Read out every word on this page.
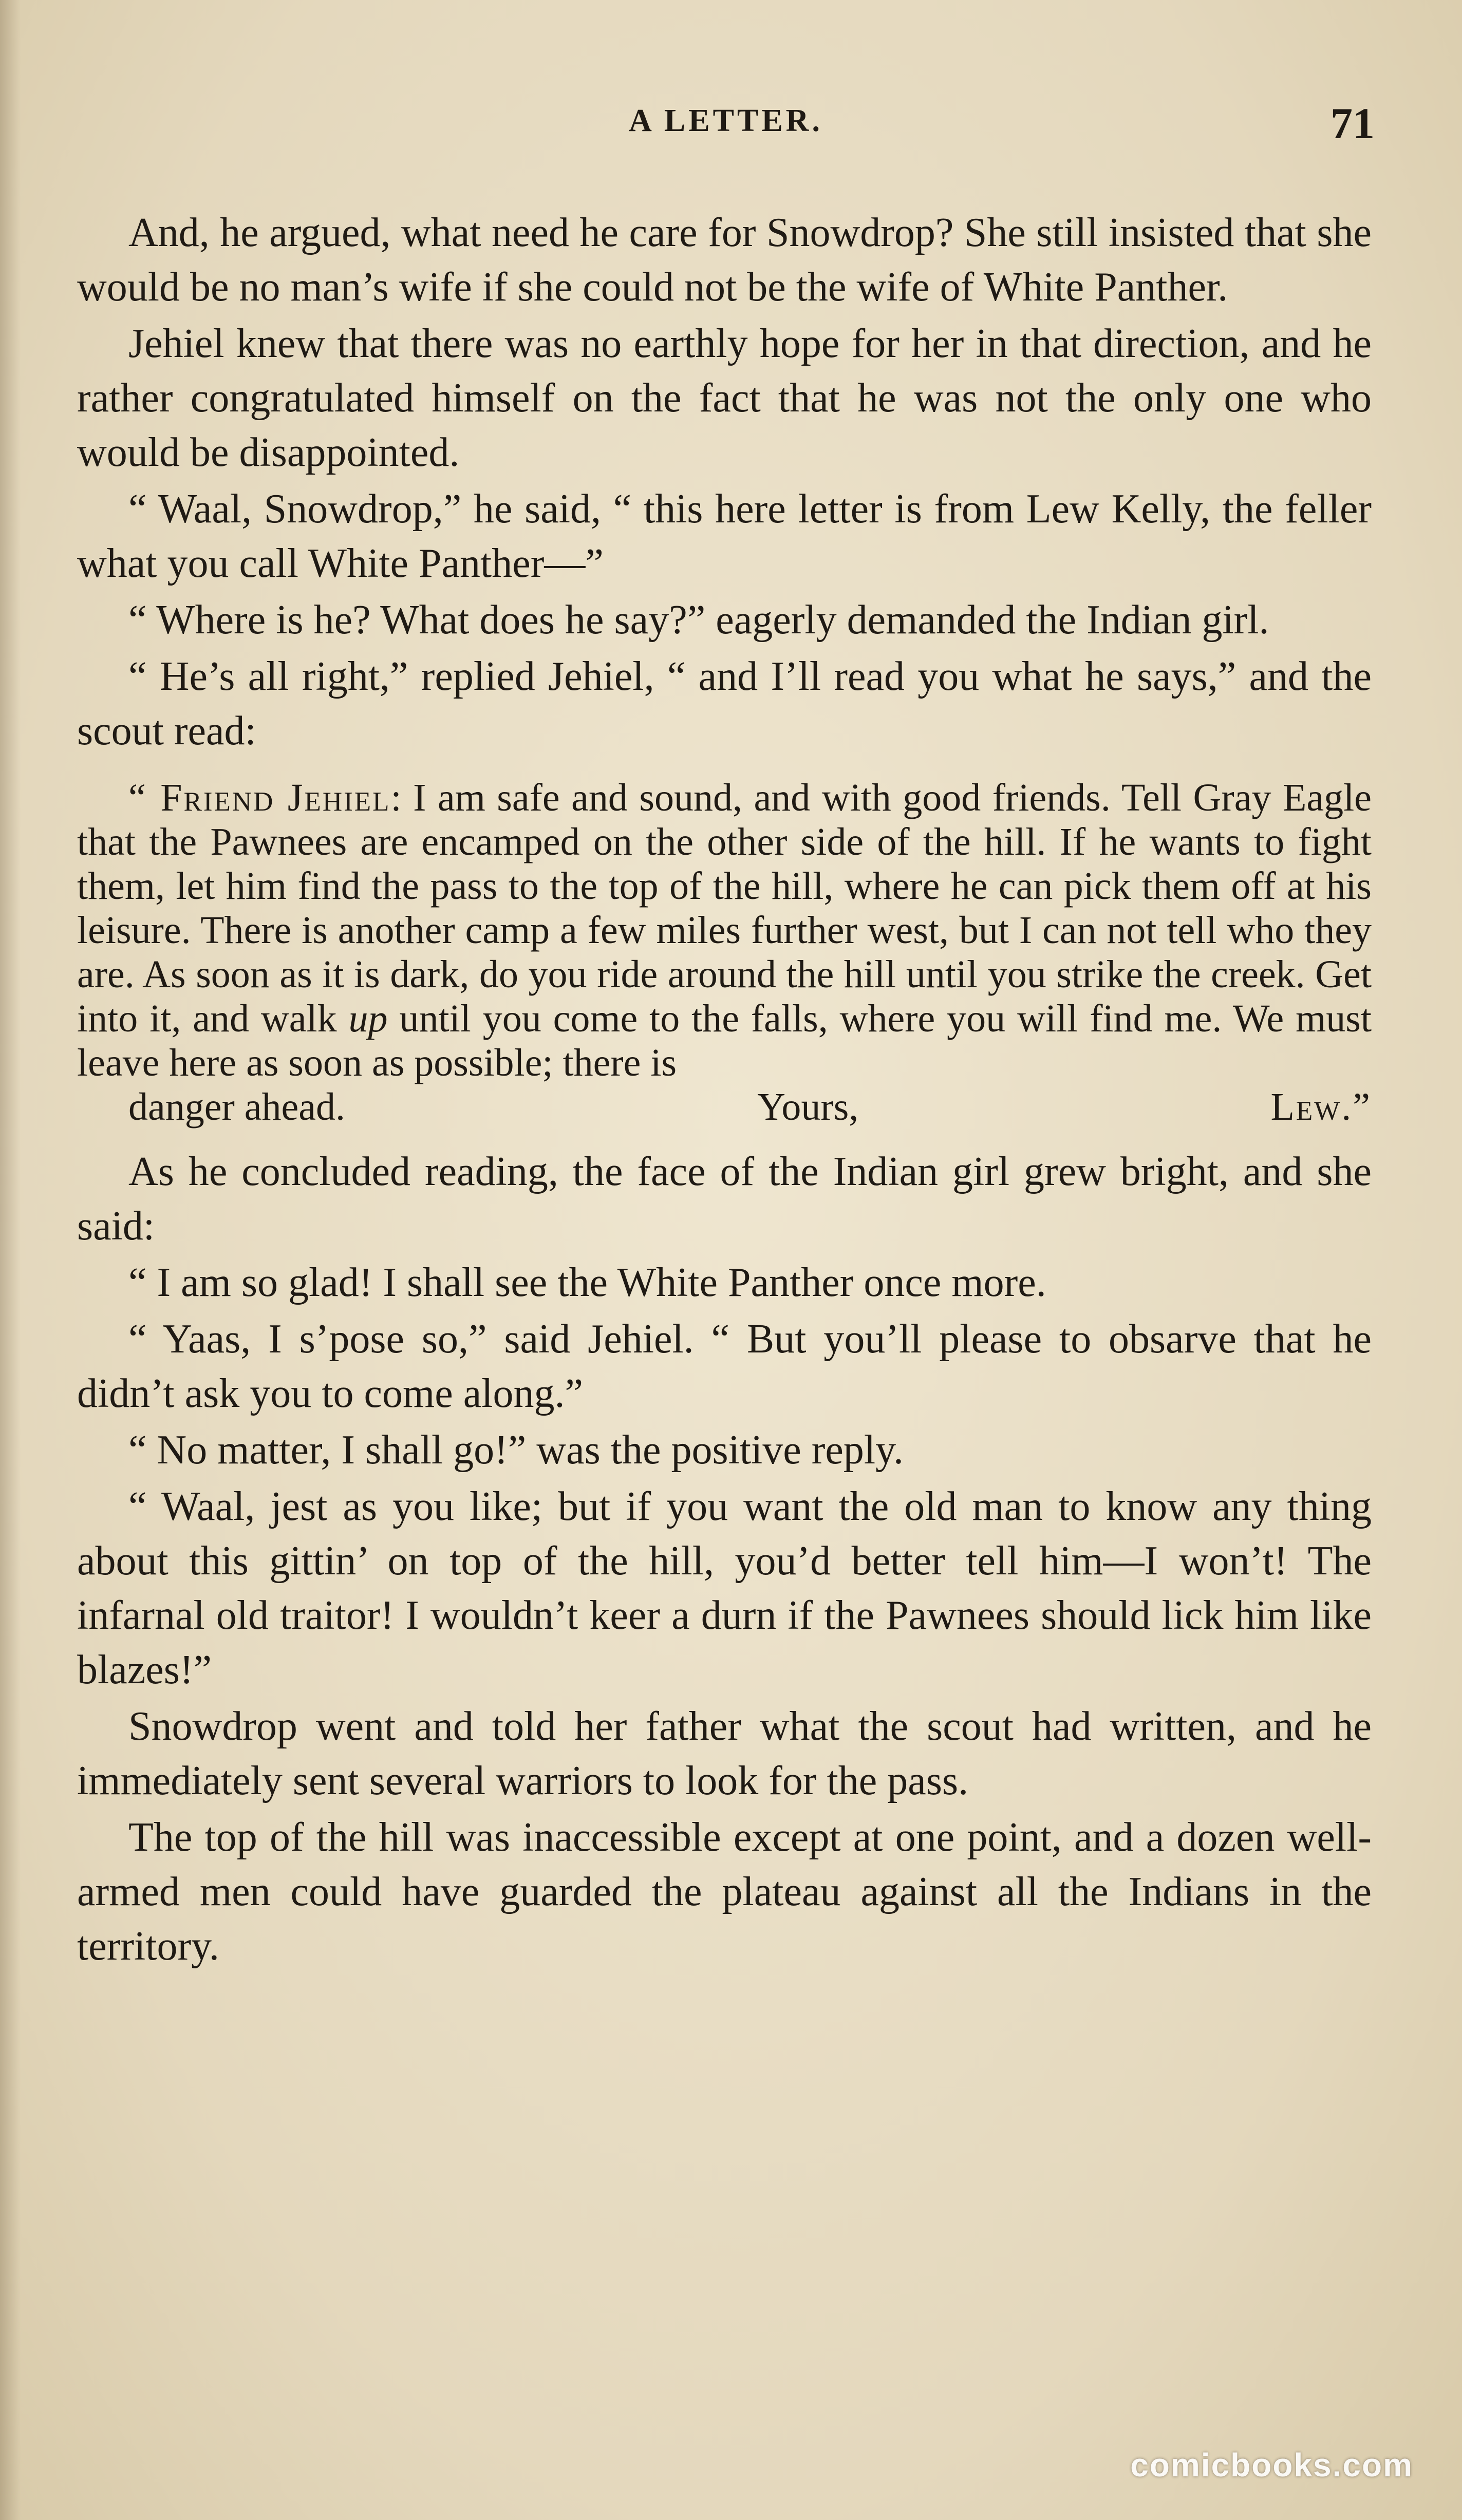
A LETTER.	71

And, he argued, what need he care for Snowdrop? She still insisted that she would be no man’s wife if she could not be the wife of White Panther.

Jehiel knew that there was no earthly hope for her in that direction, and he rather congratulated himself on the fact that he was not the only one who would be disappointed.

“ Waal, Snowdrop,” he said, “ this here letter is from Lew Kelly, the feller what you call White Panther—”

“ Where is he? What does he say?” eagerly demanded the Indian girl.

“ He’s all right,” replied Jehiel, “ and I’ll read you what he says,” and the scout read:

“ Friend Jehiel: I am safe and sound, and with good friends. Tell Gray Eagle that the Pawnees are encamped on the other side of the hill. If he wants to fight them, let him find the pass to the top of the hill, where he can pick them off at his leisure. There is another camp a few miles further west, but I can not tell who they are. As soon as it is dark, do you ride around the hill until you strike the creek. Get into it, and walk up until you come to the falls, where you will find me. We must leave here as soon as possible; there is
danger ahead.	Yours,	Lew.”

As he concluded reading, the face of the Indian girl grew bright, and she said:

“ I am so glad! I shall see the White Panther once more.

“ Yaas, I s’pose so,” said Jehiel. “ But you’ll please to obsarve that he didn’t ask you to come along.”

“ No matter, I shall go!” was the positive reply.

“ Waal, jest as you like; but if you want the old man to know any thing about this gittin’ on top of the hill, you’d better tell him—I won’t! The infarnal old traitor! I wouldn’t keer a durn if the Pawnees should lick him like blazes!”

Snowdrop went and told her father what the scout had written, and he immediately sent several warriors to look for the pass.

The top of the hill was inaccessible except at one point, and a dozen well-armed men could have guarded the plateau against all the Indians in the territory.

comicbooks.com
